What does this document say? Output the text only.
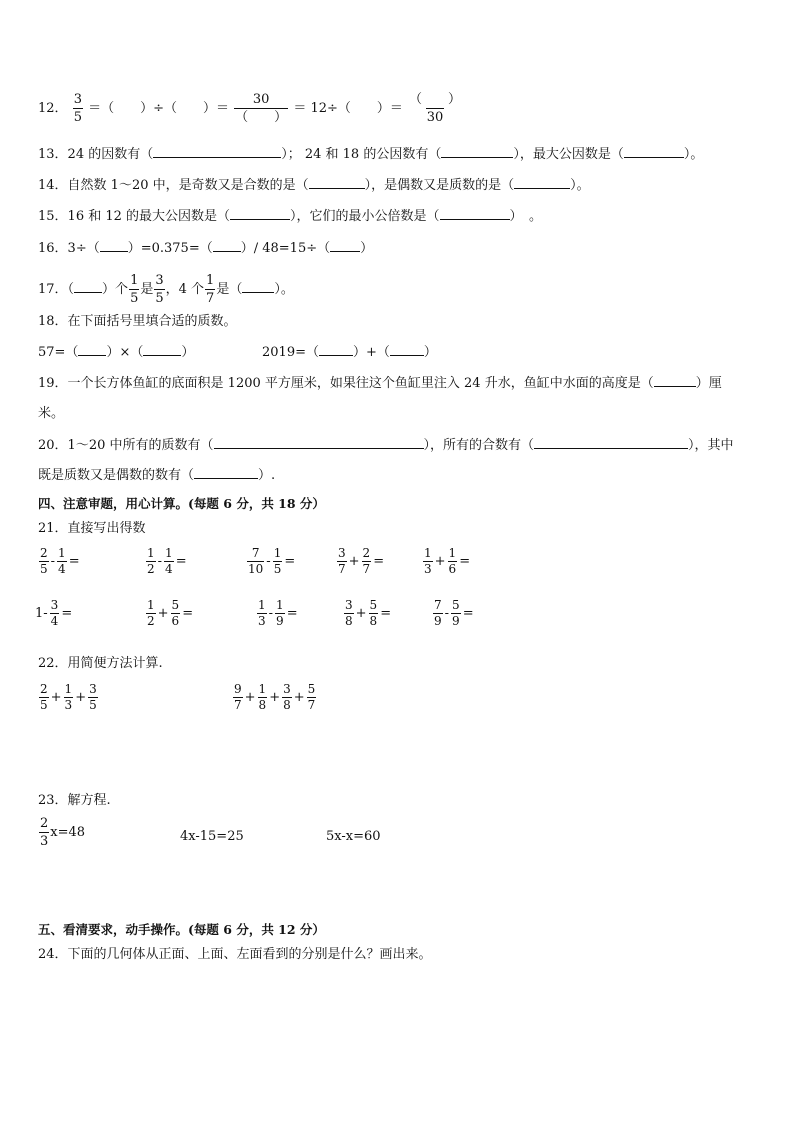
12． $\frac{3}{5}$ ＝（　　）÷（　　）＝ $\frac{30}{( )} = 12\div$（　　）＝ $\frac{( )}{30}$
13．24 的因数有（	）； 24 和 18 的公因数有（	），最大公因数是（	）。
14．自然数 1～20 中，是奇数又是合数的是（	），是偶数又是质数的是（	）。
15．16 和 12 的最大公因数是（	），它们的最小公倍数是（	）　。
16．3÷（ ）=0.375=（ ）/ 48=15÷（ ）
17．（ ）个 $\frac{1}{5}$ 是 $\frac{3}{5}$ ，4 个 $\frac{1}{7}$ 是（ ）。
18．在下面括号里填合适的质数。
57=（ ）×（	）	2019=（	）+（	）
19．一个长方体鱼缸的底面积是 1200 平方厘米，如果往这个鱼缸里注入 24 升水，鱼缸中水面的高度是（	）厘
米。
20．1～20 中所有的质数有（	），所有的合数有（	），其中
既是质数又是偶数的数有（	）.
四、注意审题，用心计算。(每题 6 分，共 18 分）
21．直接写出得数
$\frac{2}{5} - \frac{1}{4}$ =	$\frac{1}{2} - \frac{1}{4}$ =	$\frac{7}{10} - \frac{1}{5}$ =	$\frac{3}{7} + \frac{2}{7}$ =	$\frac{1}{3} + \frac{1}{6}$ =
$1- \frac{3}{4}$ =	$\frac{1}{2} + \frac{5}{6}$ =	$\frac{1}{3} - \frac{1}{9}$ =	$\frac{3}{8} + \frac{5}{8}$ =	$\frac{7}{9} - \frac{5}{9}$ =
22．用简便方法计算.
$\frac{2}{5} + \frac{1}{3} + \frac{3}{5}$	$\frac{9}{7} + \frac{1}{8} + \frac{3}{8} + \frac{5}{7}$
23．解方程.
$\frac{2}{3} x=48$	4x-15=25	5x-x=60
五、看清要求，动手操作。(每题 6 分，共 12 分）
24．下面的几何体从正面、上面、左面看到的分别是什么？画出来。
